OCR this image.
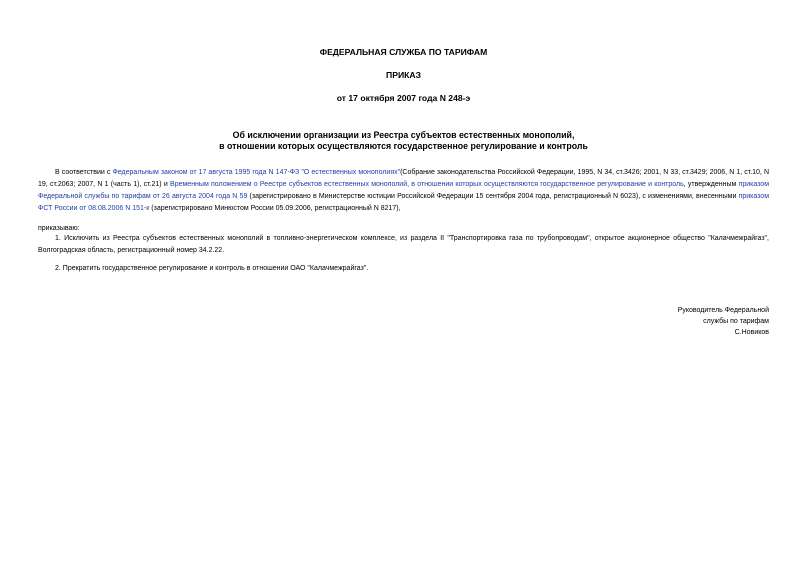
ФЕДЕРАЛЬНАЯ СЛУЖБА ПО ТАРИФАМ
ПРИКАЗ
от 17 октября 2007 года N 248-э
Об исключении организации из Реестра субъектов естественных монополий,
в отношении которых осуществляются государственное регулирование и контроль
В соответствии с Федеральным законом от 17 августа 1995 года N 147-ФЗ "О естественных монополиях"(Собрание законодательства Российской Федерации, 1995, N 34, ст.3426; 2001, N 33, ст.3429; 2006, N 1, ст.10, N 19, ст.2063; 2007, N 1 (часть 1), ст.21) и Временным положением о Реестре субъектов естественных монополий, в отношении которых осуществляются государственное регулирование и контроль, утвержденным приказом Федеральной службы по тарифам от 26 августа 2004 года N 59 (зарегистрировано в Министерстве юстиции Российской Федерации 15 сентября 2004 года, регистрационный N 6023), с изменениями, внесенными приказом ФСТ России от 08.08.2006 N 151-к (зарегистрировано Минюстом России 05.09.2006, регистрационный N 8217),
приказываю:
1. Исключить из Реестра субъектов естественных монополий в топливно-энергетическом комплексе, из раздела II "Транспортировка газа по трубопроводам", открытое акционерное общество "Калачмежрайгаз", Волгоградская область, регистрационный номер 34.2.22.
2. Прекратить государственное регулирование и контроль в отношении ОАО "Калачмежрайгаз".
Руководитель Федеральной
службы по тарифам
С.Новиков
